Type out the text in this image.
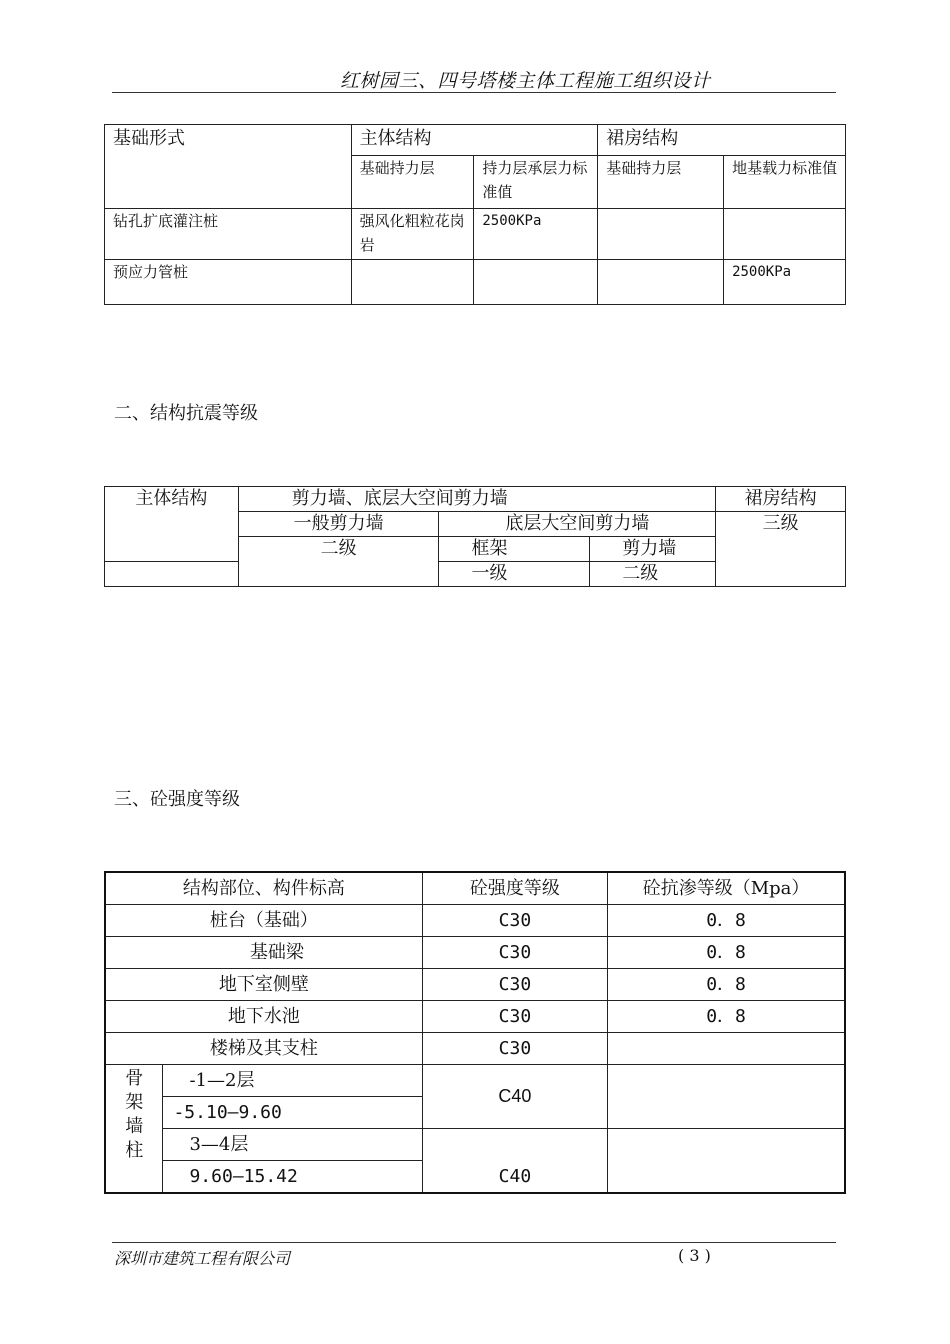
红树园三、四号塔楼主体工程施工组织设计
基础形式	主体结构		裙房结构	
	基础持力层	持力层承层力标准值	基础持力层	地基载力标准值
钻孔扩底灌注桩	强风化粗粒花岗岩	2500KPa		
预应力管桩				2500KPa
二、结构抗震等级
主体结构	剪力墙、底层大空间剪力墙			裙房结构
	一般剪力墙	底层大空间剪力墙		三级
	二级	框架	剪力墙	
		一级	二级	
三、砼强度等级
结构部位、构件标高		砼强度等级	砼抗渗等级（Mpa）
桩台（基础）		C30	0．8
基础梁		C30	0．8
地下室侧壁		C30	0．8
地下水池		C30	0．8
楼梯及其支柱		C30	
骨架墙柱	-1—2层	C40	
	-5.10—9.60		
	3—4层	C40	
	9.60—15.42		
深圳市建筑工程有限公司	( 3 )
